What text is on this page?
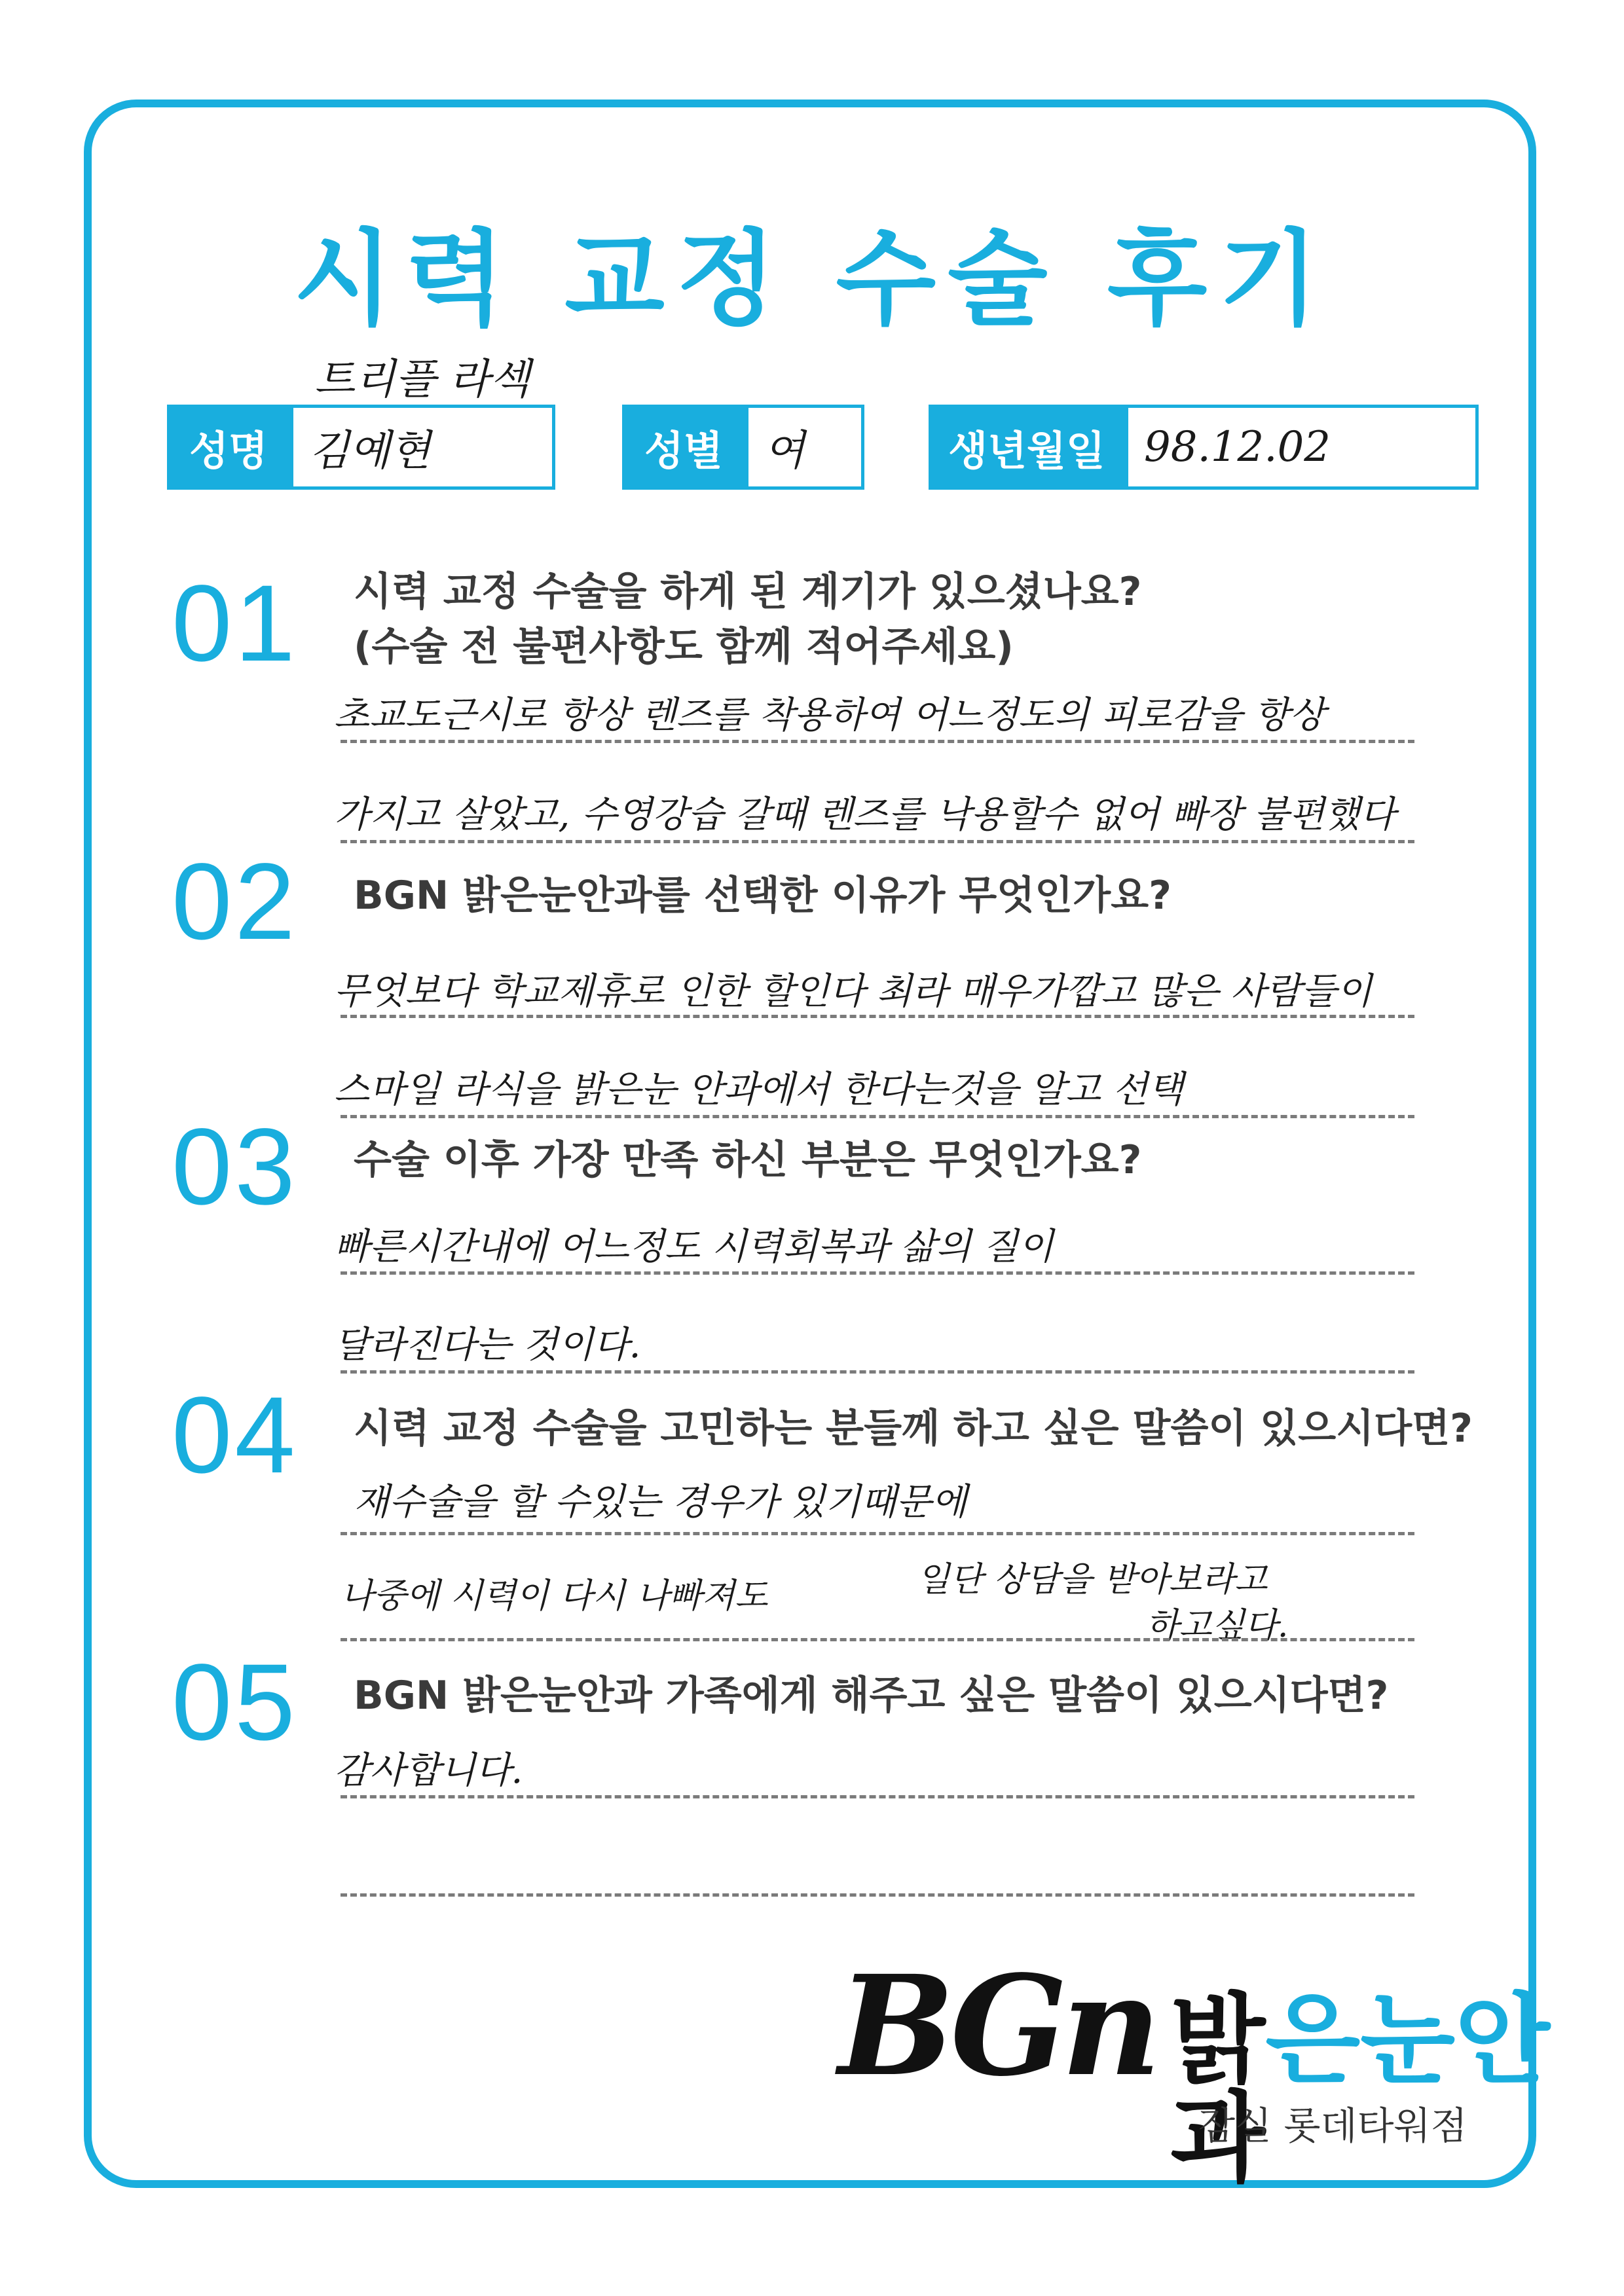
시력 교정 수술 후기
트리플 라섹
성명 김예현	성별 여	생년월일 98.12.02
01 시력 교정 수술을 하게 된 계기가 있으셨나요?
(수술 전 불편사항도 함께 적어주세요)
초교도근시로 항상 렌즈를 착용하여 어느정도의 피로감을 항상
가지고 살았고, 수영강습 갈때 렌즈를 낙용할수 없어 빠장 불편했다
02 BGN 밝은눈안과를 선택한 이유가 무엇인가요?
무엇보다 학교제휴로 인한 할인다 최라 매우가깝고 많은 사람들이
스마일 라식을 밝은눈 안과에서 한다는것을 알고 선택
03 수술 이후 가장 만족 하신 부분은 무엇인가요?
빠른시간내에 어느정도 시력회복과 삶의 질이
달라진다는 것이다.
04 시력 교정 수술을 고민하는 분들께 하고 싶은 말씀이 있으시다면?
재수술을 할 수있는 경우가 있기때문에
나중에 시력이 다시 나빠져도	일단 상담을 받아보라고
하고싶다.
05 BGN 밝은눈안과 가족에게 해주고 싶은 말씀이 있으시다면?
감사합니다.
BGn 밝은눈안과
잠실 롯데타워점
